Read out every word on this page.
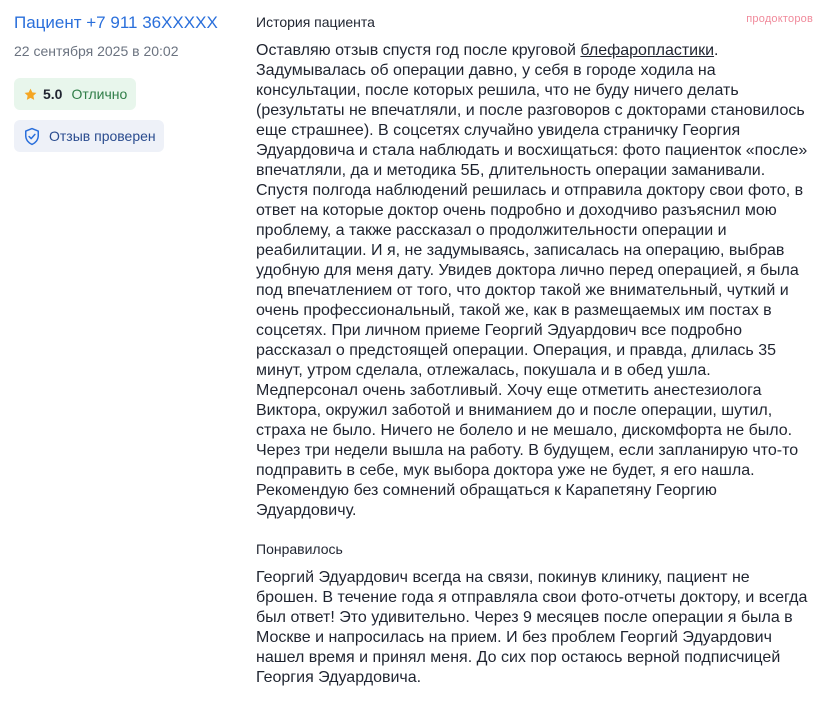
Пациент +7 911 36XXXXX
22 сентября 2025 в 20:02
5.0 Отлично
Отзыв проверен
продокторов

История пациента

Оставляю отзыв спустя год после круговой блефаропластики. Задумывалась об операции давно, у себя в городе ходила на консультации, после которых решила, что не буду ничего делать (результаты не впечатляли, и после разговоров с докторами становилось еще страшнее). В соцсетях случайно увидела страничку Георгия Эдуардовича и стала наблюдать и восхищаться: фото пациенток «после» впечатляли, да и методика 5Б, длительность операции заманивали. Спустя полгода наблюдений решилась и отправила доктору свои фото, в ответ на которые доктор очень подробно и доходчиво разъяснил мою проблему, а также рассказал о продолжительности операции и реабилитации. И я, не задумываясь, записалась на операцию, выбрав удобную для меня дату. Увидев доктора лично перед операцией, я была под впечатлением от того, что доктор такой же внимательный, чуткий и очень профессиональный, такой же, как в размещаемых им постах в соцсетях. При личном приеме Георгий Эдуардович все подробно рассказал о предстоящей операции. Операция, и правда, длилась 35 минут, утром сделала, отлежалась, покушала и в обед ушла. Медперсонал очень заботливый. Хочу еще отметить анестезиолога Виктора, окружил заботой и вниманием до и после операции, шутил, страха не было. Ничего не болело и не мешало, дискомфорта не было. Через три недели вышла на работу. В будущем, если запланирую что-то подправить в себе, мук выбора доктора уже не будет, я его нашла. Рекомендую без сомнений обращаться к Карапетяну Георгию Эдуардовичу.

Понравилось

Георгий Эдуардович всегда на связи, покинув клинику, пациент не брошен. В течение года я отправляла свои фото-отчеты доктору, и всегда был ответ! Это удивительно. Через 9 месяцев после операции я была в Москве и напросилась на прием. И без проблем Георгий Эдуардович нашел время и принял меня. До сих пор остаюсь верной подписчицей Георгия Эдуардовича.
